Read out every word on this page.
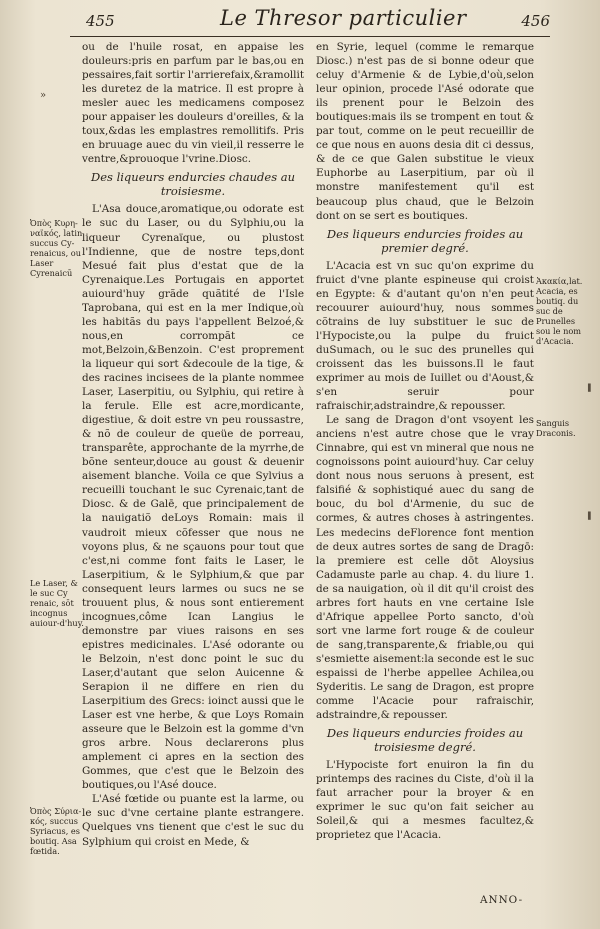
455	Le Thresor particulier	456
»

ou de l'huile rosat, en appaise les douleurs:pris en parfum par le bas,ou en pessaires,fait sortir l'arrierefaix,&ramollit les duretez de la matrice. Il est propre à mesler auec les medicamens composez pour appaiser les douleurs d'oreilles, & la toux,&das les emplastres remollitifs. Pris en bruuage auec du vin vieil,il resserre le ventre,&prouoque l'vrine.Diosc.

Des liqueurs endurcies chaudes au troisiesme.

L'Asa douce,aromatique,ou odorate est le suc du Laser, ou du Sylphiu,ou la liqueur Cyrenaïque, ou plustost l'Indienne, que de nostre teps,dont Mesué fait plus d'estat que de la Cyrenaique.Les Portugais en apportet auiourd'huy grãde quãtité de l'Isle Taprobana, qui est en la mer Indique,où les habitãs du pays l'appellent Belzoé,& nous,en corrompãt ce mot,Belzoin,&Benzoin. C'est proprement la liqueur qui sort &decoule de la tige, & des racines incisees de la plante nommee Laser, Laserpitiu, ou Sylphiu, qui retire à la ferule. Elle est acre,mordicante, digestiue, & doit estre vn peu roussastre, & nõ de couleur de queüe de porreau, transparête, approchante de la myrrhe,de bõne senteur,douce au goust & deuenir aisement blanche. Voila ce que Sylvius a recueilli touchant le suc Cyrenaic,tant de Diosc. & de Galē, que principalement de la nauigatiõ deLoys Romain: mais il vaudroit mieux cõfesser que nous ne voyons plus, & ne sçauons pour tout que c'est,ni comme font faits le Laser, le Laserpitium, & le Sylphium,& que par consequent leurs larmes ou sucs ne se trouuent plus, & nous sont entierement incognues,côme Ican Langius le demonstre par viues raisons en ses epistres medicinales. L'Asé odorante ou le Belzoin, n'est donc point le suc du Laser,d'autant que selon Auicenne & Serapion il ne differe en rien du Laserpitium des Grecs: ioinct aussi que le Laser est vne herbe, & que Loys Romain asseure que le Belzoin est la gomme d'vn gros arbre. Nous declarerons plus amplement ci apres en la section des Gommes, que c'est que le Belzoin des boutiques,ou l'Asé douce.

L'Asé fœtide ou puante est la larme, ou le suc d'vne certaine plante estrangere. Quelques vns tienent que c'est le suc du Sylphium qui croist en Mede, &

en Syrie, lequel (comme le remarque Diosc.) n'est pas de si bonne odeur que celuy d'Armenie & de Lybie,d'où,selon leur opinion, procede l'Asé odorate que ils prenent pour le Belzoin des boutiques:mais ils se trompent en tout & par tout, comme on le peut recueillir de ce que nous en auons desia dit ci dessus, & de ce que Galen substitue le vieux Euphorbe au Laserpitium, par où il monstre manifestement qu'il est beaucoup plus chaud, que le Belzoin dont on se sert es boutiques.

Des liqueurs endurcies froides au premier degré.

L'Acacia est vn suc qu'on exprime du fruict d'vne plante espineuse qui croist en Egypte: & d'autant qu'on n'en peut recouurer auiourd'huy, nous sommes cõtrains de luy substituer le suc de l'Hypociste,ou la pulpe du fruict duSumach, ou le suc des prunelles qui croissent das les buissons.Il le faut exprimer au mois de Iuillet ou d'Aoust,& s'en seruir pour rafraischir,adstraindre,& repousser.

Le sang de Dragon d'ont vsoyent les anciens n'est autre chose que le vray Cinnabre, qui est vn mineral que nous ne cognoissons point auiourd'huy. Car celuy dont nous nous seruons à present, est falsifié & sophistiqué auec du sang de bouc, du bol d'Armenie, du suc de cormes, & autres choses à astringentes. Les medecins deFlorence font mention de deux autres sortes de sang de Dragō: la premiere est celle dōt Aloysius Cadamuste parle au chap. 4. du liure 1. de sa nauigation, où il dit qu'il croist des arbres fort hauts en vne certaine Isle d'Afrique appellee Porto sancto, d'où sort vne larme fort rouge & de couleur de sang,transparente,& friable,ou qui s'esmiette aisement:la seconde est le suc espaissi de l'herbe appellee Achilea,ou Syderitis. Le sang de Dragon, est propre comme l'Acacie pour rafraischir, adstraindre,& repousser.

Des liqueurs endurcies froides au troisiesme degré.

L'Hypociste fort enuiron la fin du printemps des racines du Ciste, d'où il la faut arracher pour la broyer & en exprimer le suc qu'on fait seicher au Soleil,& qui a mesmes facultez,& proprietez que l'Acacia.

Ὀπὸς Κυρη-ναϊκός, latin succus Cy-renaicus, ou Laser Cyrenaicū
Le Laser, & le suc Cy renaic, sōt incognus auiour-d'huy.
Ὀπὸς Σύρια-κός, succus Syriacus, es boutiq. Asa fœtida.
Ἀκακία,lat. Acacia, es boutiq. du suc de Prunelles sou le nom d'Acacia.
Sanguis Draconis.
▌
▌
ANNO-
